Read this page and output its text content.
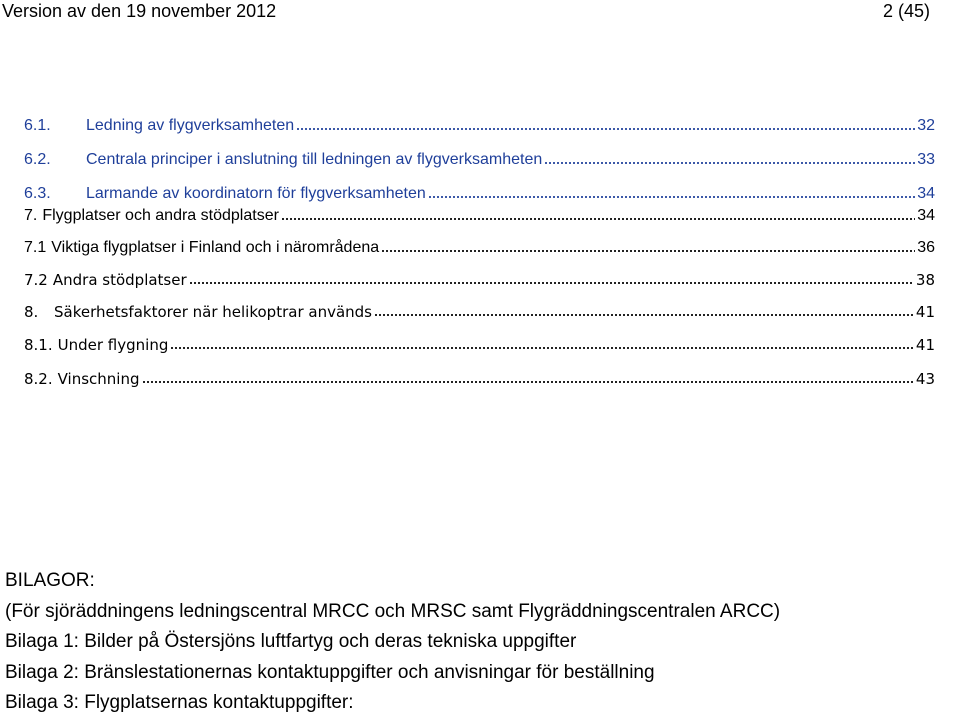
Version av den 19 november 2012	2 (45)
6.1.	Ledning av flygverksamheten	32
6.2.	Centrala principer i anslutning till ledningen av flygverksamheten	33
6.3.	Larmande av koordinatorn för flygverksamheten	34
7. Flygplatser och andra stödplatser	34
7.1 Viktiga flygplatser i Finland och i närområdena	36
7.2 Andra stödplatser	38
8.	Säkerhetsfaktorer när helikoptrar används	41
8.1. Under flygning	41
8.2. Vinschning	43
BILAGOR:
(För sjöräddningens ledningscentral MRCC och MRSC samt Flygräddningscentralen ARCC)
Bilaga 1: Bilder på Östersjöns luftfartyg och deras tekniska uppgifter
Bilaga 2: Bränslestationernas kontaktuppgifter och anvisningar för beställning
Bilaga 3: Flygplatsernas kontaktuppgifter:
